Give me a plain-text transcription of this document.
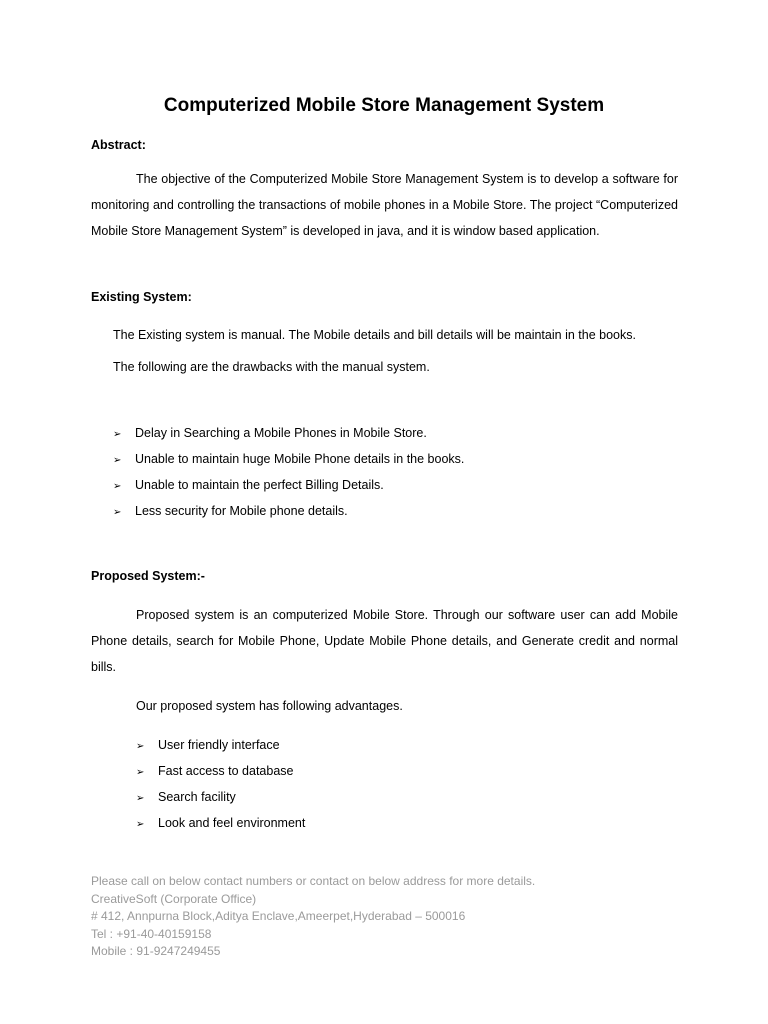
Computerized Mobile Store Management System
Abstract:
The objective of the Computerized Mobile Store Management System is to develop a software for monitoring and controlling the transactions of mobile phones in a Mobile Store. The project “Computerized Mobile Store Management System” is developed in java, and it is window based application.
Existing System:
The Existing system is manual. The Mobile details and bill details will be maintain in the books.
The following are the drawbacks with the manual system.
➢ Delay in Searching a Mobile Phones in Mobile Store.
➢ Unable to maintain huge Mobile Phone details in the books.
➢ Unable to maintain the perfect Billing Details.
➢ Less security for Mobile phone details.
Proposed System:-
Proposed system is an computerized Mobile Store. Through our software user can add Mobile Phone details, search for Mobile Phone, Update Mobile Phone details, and Generate credit and normal bills.
Our proposed system has following advantages.
➢ User friendly interface
➢ Fast access to database
➢ Search facility
➢ Look and feel environment
Please call on below contact numbers or contact on below address for more details.
CreativeSoft (Corporate Office)
# 412, Annpurna Block,Aditya Enclave,Ameerpet,Hyderabad – 500016
Tel : +91-40-40159158
Mobile : 91-9247249455
